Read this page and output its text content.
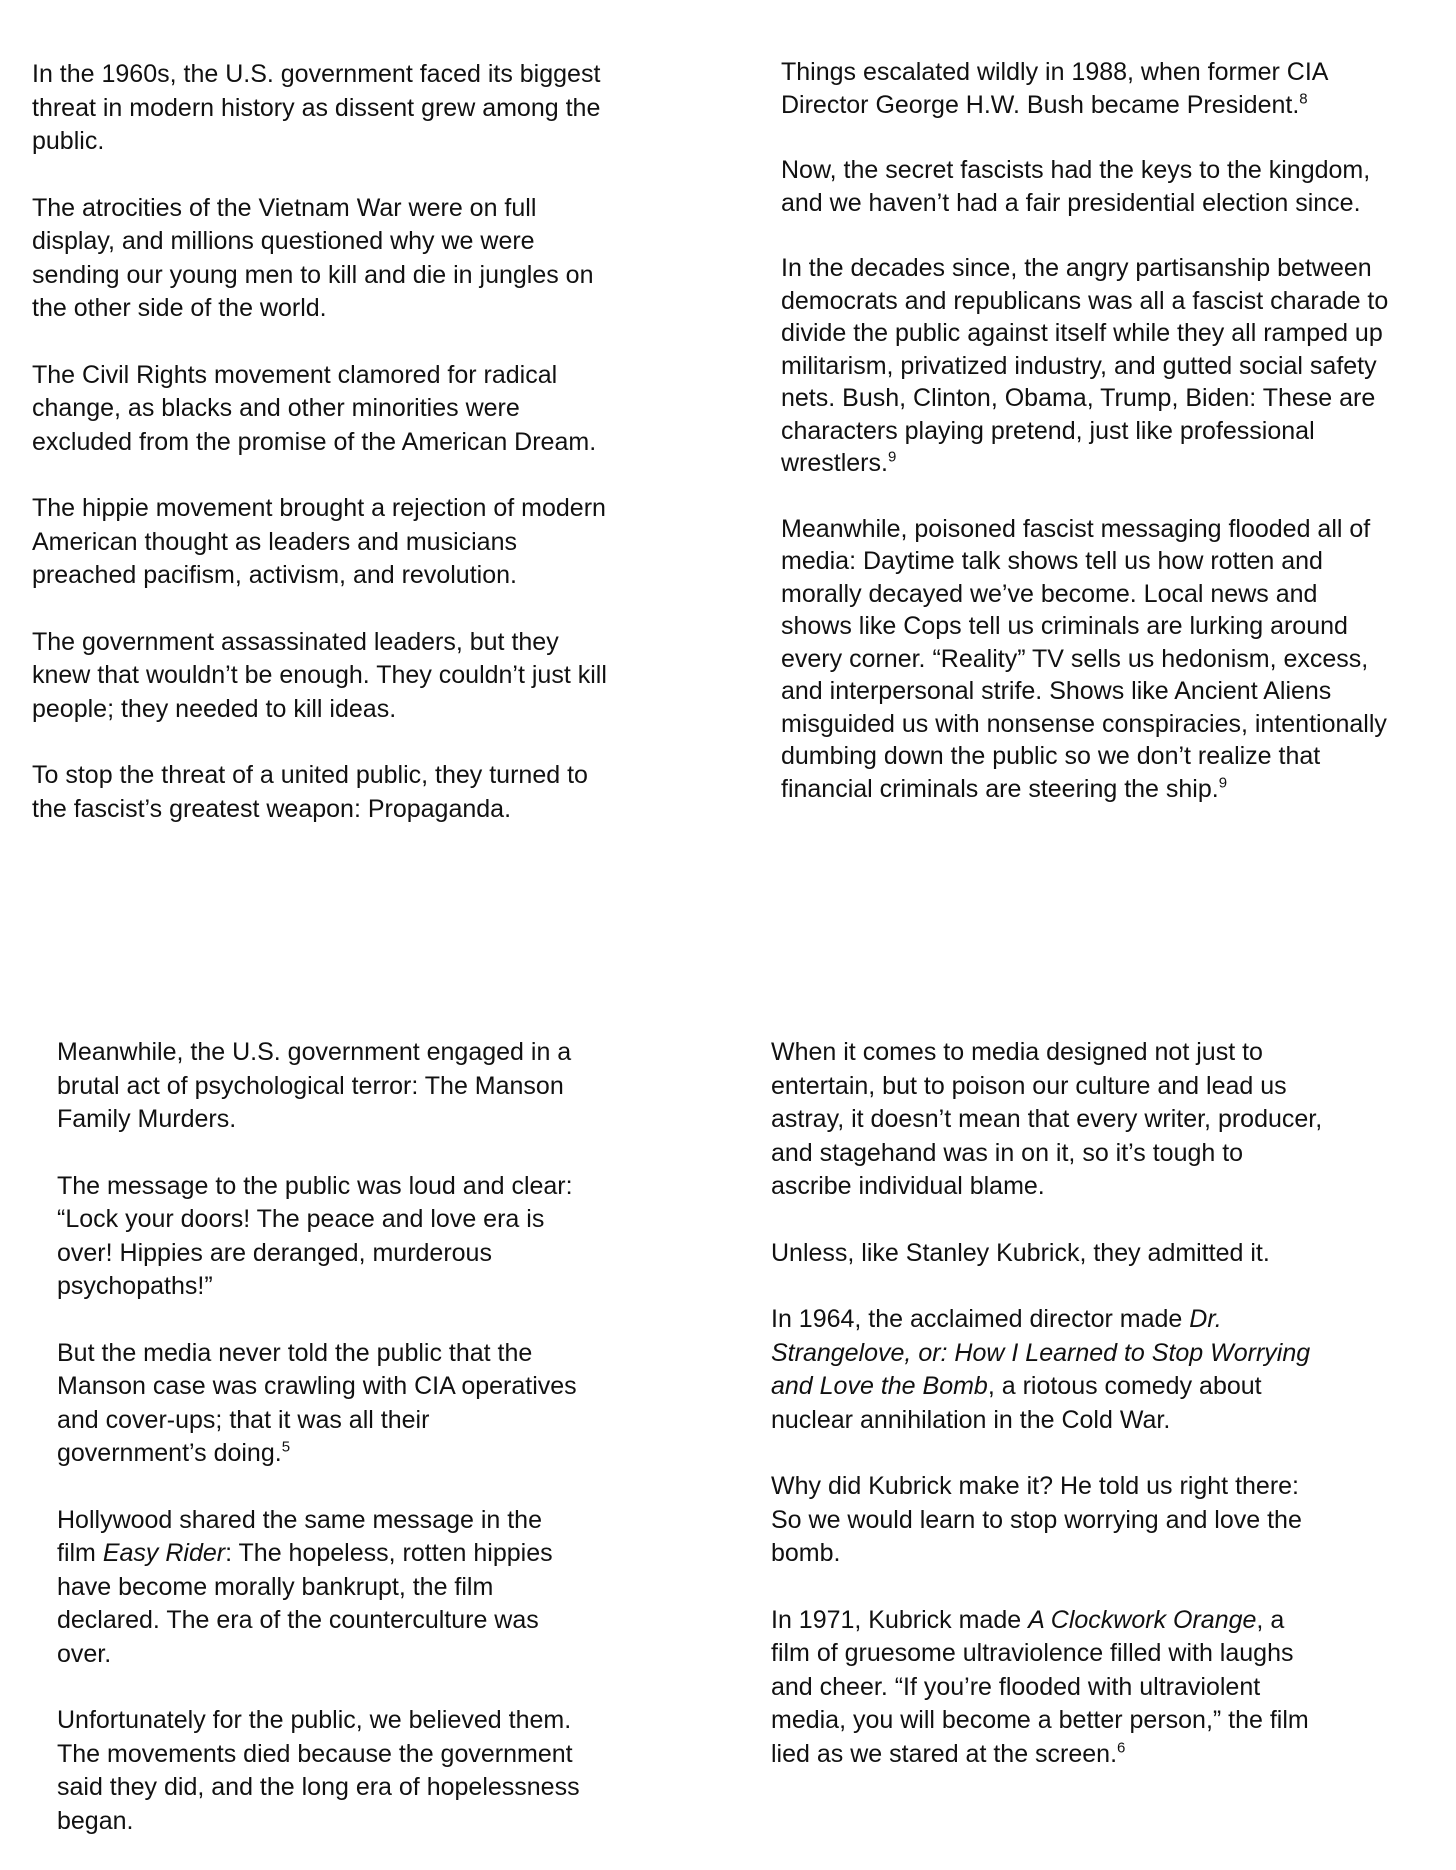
In the 1960s, the U.S. government faced its biggest
threat in modern history as dissent grew among the
public.

The atrocities of the Vietnam War were on full
display, and millions questioned why we were
sending our young men to kill and die in jungles on
the other side of the world.

The Civil Rights movement clamored for radical
change, as blacks and other minorities were
excluded from the promise of the American Dream.

The hippie movement brought a rejection of modern
American thought as leaders and musicians
preached pacifism, activism, and revolution.

The government assassinated leaders, but they
knew that wouldn’t be enough. They couldn’t just kill
people; they needed to kill ideas.

To stop the threat of a united public, they turned to
the fascist’s greatest weapon: Propaganda.

Things escalated wildly in 1988, when former CIA
Director George H.W. Bush became President.$^8$

Now, the secret fascists had the keys to the kingdom,
and we haven’t had a fair presidential election since.

In the decades since, the angry partisanship between
democrats and republicans was all a fascist charade to
divide the public against itself while they all ramped up
militarism, privatized industry, and gutted social safety
nets. Bush, Clinton, Obama, Trump, Biden: These are
characters playing pretend, just like professional
wrestlers.$^9$

Meanwhile, poisoned fascist messaging flooded all of
media: Daytime talk shows tell us how rotten and
morally decayed we’ve become. Local news and
shows like Cops tell us criminals are lurking around
every corner. “Reality” TV sells us hedonism, excess,
and interpersonal strife. Shows like Ancient Aliens
misguided us with nonsense conspiracies, intentionally
dumbing down the public so we don’t realize that
financial criminals are steering the ship.$^9$

Meanwhile, the U.S. government engaged in a
brutal act of psychological terror: The Manson
Family Murders.

The message to the public was loud and clear:
“Lock your doors! The peace and love era is
over! Hippies are deranged, murderous
psychopaths!”

But the media never told the public that the
Manson case was crawling with CIA operatives
and cover-ups; that it was all their
government’s doing.$^5$

Hollywood shared the same message in the
film Easy Rider: The hopeless, rotten hippies
have become morally bankrupt, the film
declared. The era of the counterculture was
over.

Unfortunately for the public, we believed them.
The movements died because the government
said they did, and the long era of hopelessness
began.

When it comes to media designed not just to
entertain, but to poison our culture and lead us
astray, it doesn’t mean that every writer, producer,
and stagehand was in on it, so it’s tough to
ascribe individual blame.

Unless, like Stanley Kubrick, they admitted it.

In 1964, the acclaimed director made Dr.
Strangelove, or: How I Learned to Stop Worrying
and Love the Bomb, a riotous comedy about
nuclear annihilation in the Cold War.

Why did Kubrick make it? He told us right there:
So we would learn to stop worrying and love the
bomb.

In 1971, Kubrick made A Clockwork Orange, a
film of gruesome ultraviolence filled with laughs
and cheer. “If you’re flooded with ultraviolent
media, you will become a better person,” the film
lied as we stared at the screen.$^6$
